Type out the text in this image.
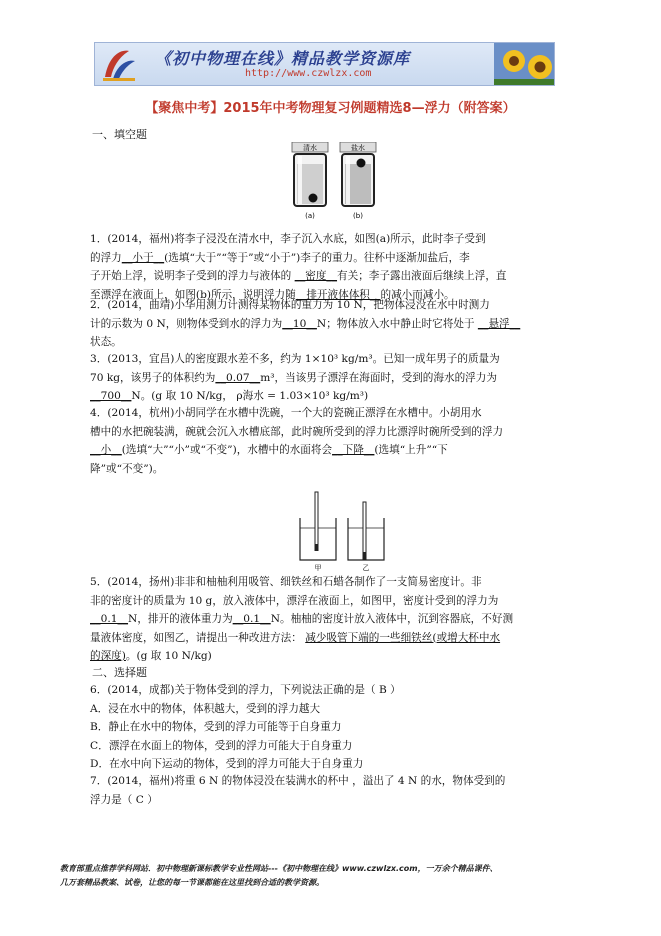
《初中物理在线》精品教学资源库
http://www.czwlzx.com
【聚焦中考】2015年中考物理复习例题精选8—浮力（附答案）
一、填空题
清水	盐水
(a)	(b)
1．(2014，福州)将李子浸没在清水中，李子沉入水底，如图(a)所示，此时李子受到
的浮力__小于__(选填“大于”“等于”或“小于”)李子的重力。往杯中逐渐加盐后，李
子开始上浮，说明李子受到的浮力与液体的 __密度__有关；李子露出液面后继续上浮，直
至漂浮在液面上，如图(b)所示，说明浮力随__排开液体体积__的减小而减小。
2．(2014，曲靖)小华用测力计测得某物体的重力为 10 N，把物体浸没在水中时测力
计的示数为 0 N，则物体受到水的浮力为__10__N；物体放入水中静止时它将处于 __悬浮__
状态。
3．(2013，宜昌)人的密度跟水差不多，约为 1×10³ kg/m³。已知一成年男子的质量为
70 kg，该男子的体积约为__0.07__m³，当该男子漂浮在海面时，受到的海水的浮力为
__700__N。(g 取 10 N/kg， ρ海水 = 1.03×10³ kg/m³)
4．(2014，杭州)小胡同学在水槽中洗碗，一个大的瓷碗正漂浮在水槽中。小胡用水
槽中的水把碗装满，碗就会沉入水槽底部，此时碗所受到的浮力比漂浮时碗所受到的浮力
__小__(选填“大”“小”或“不变”)，水槽中的水面将会__下降__(选填“上升”“下
降”或“不变”)。
甲	乙
5．(2014，扬州)非非和柚柚利用吸管、细铁丝和石蜡各制作了一支简易密度计。非
非的密度计的质量为 10 g，放入液体中，漂浮在液面上，如图甲，密度计受到的浮力为
__0.1__N，排开的液体重力为__0.1__N。柚柚的密度计放入液体中，沉到容器底，不好测
量液体密度，如图乙，请提出一种改进方法： 减少吸管下端的一些细铁丝(或增大杯中水
的深度)。(g 取 10 N/kg)
二、选择题
6．(2014，成都)关于物体受到的浮力，下列说法正确的是（ B ）
A．浸在水中的物体，体积越大，受到的浮力越大
B．静止在水中的物体，受到的浮力可能等于自身重力
C．漂浮在水面上的物体，受到的浮力可能大于自身重力
D．在水中向下运动的物体，受到的浮力可能大于自身重力
7．(2014，福州)将重 6 N 的物体浸没在装满水的杯中 ，溢出了 4 N 的水，物体受到的
浮力是（ C ）
教育部重点推荐学科网站．初中物理新课标教学专业性网站---《初中物理在线》www.czwlzx.com，一万余个精品课件、
几万套精品教案、试卷，让您的每一节课都能在这里找到合适的教学资源。
